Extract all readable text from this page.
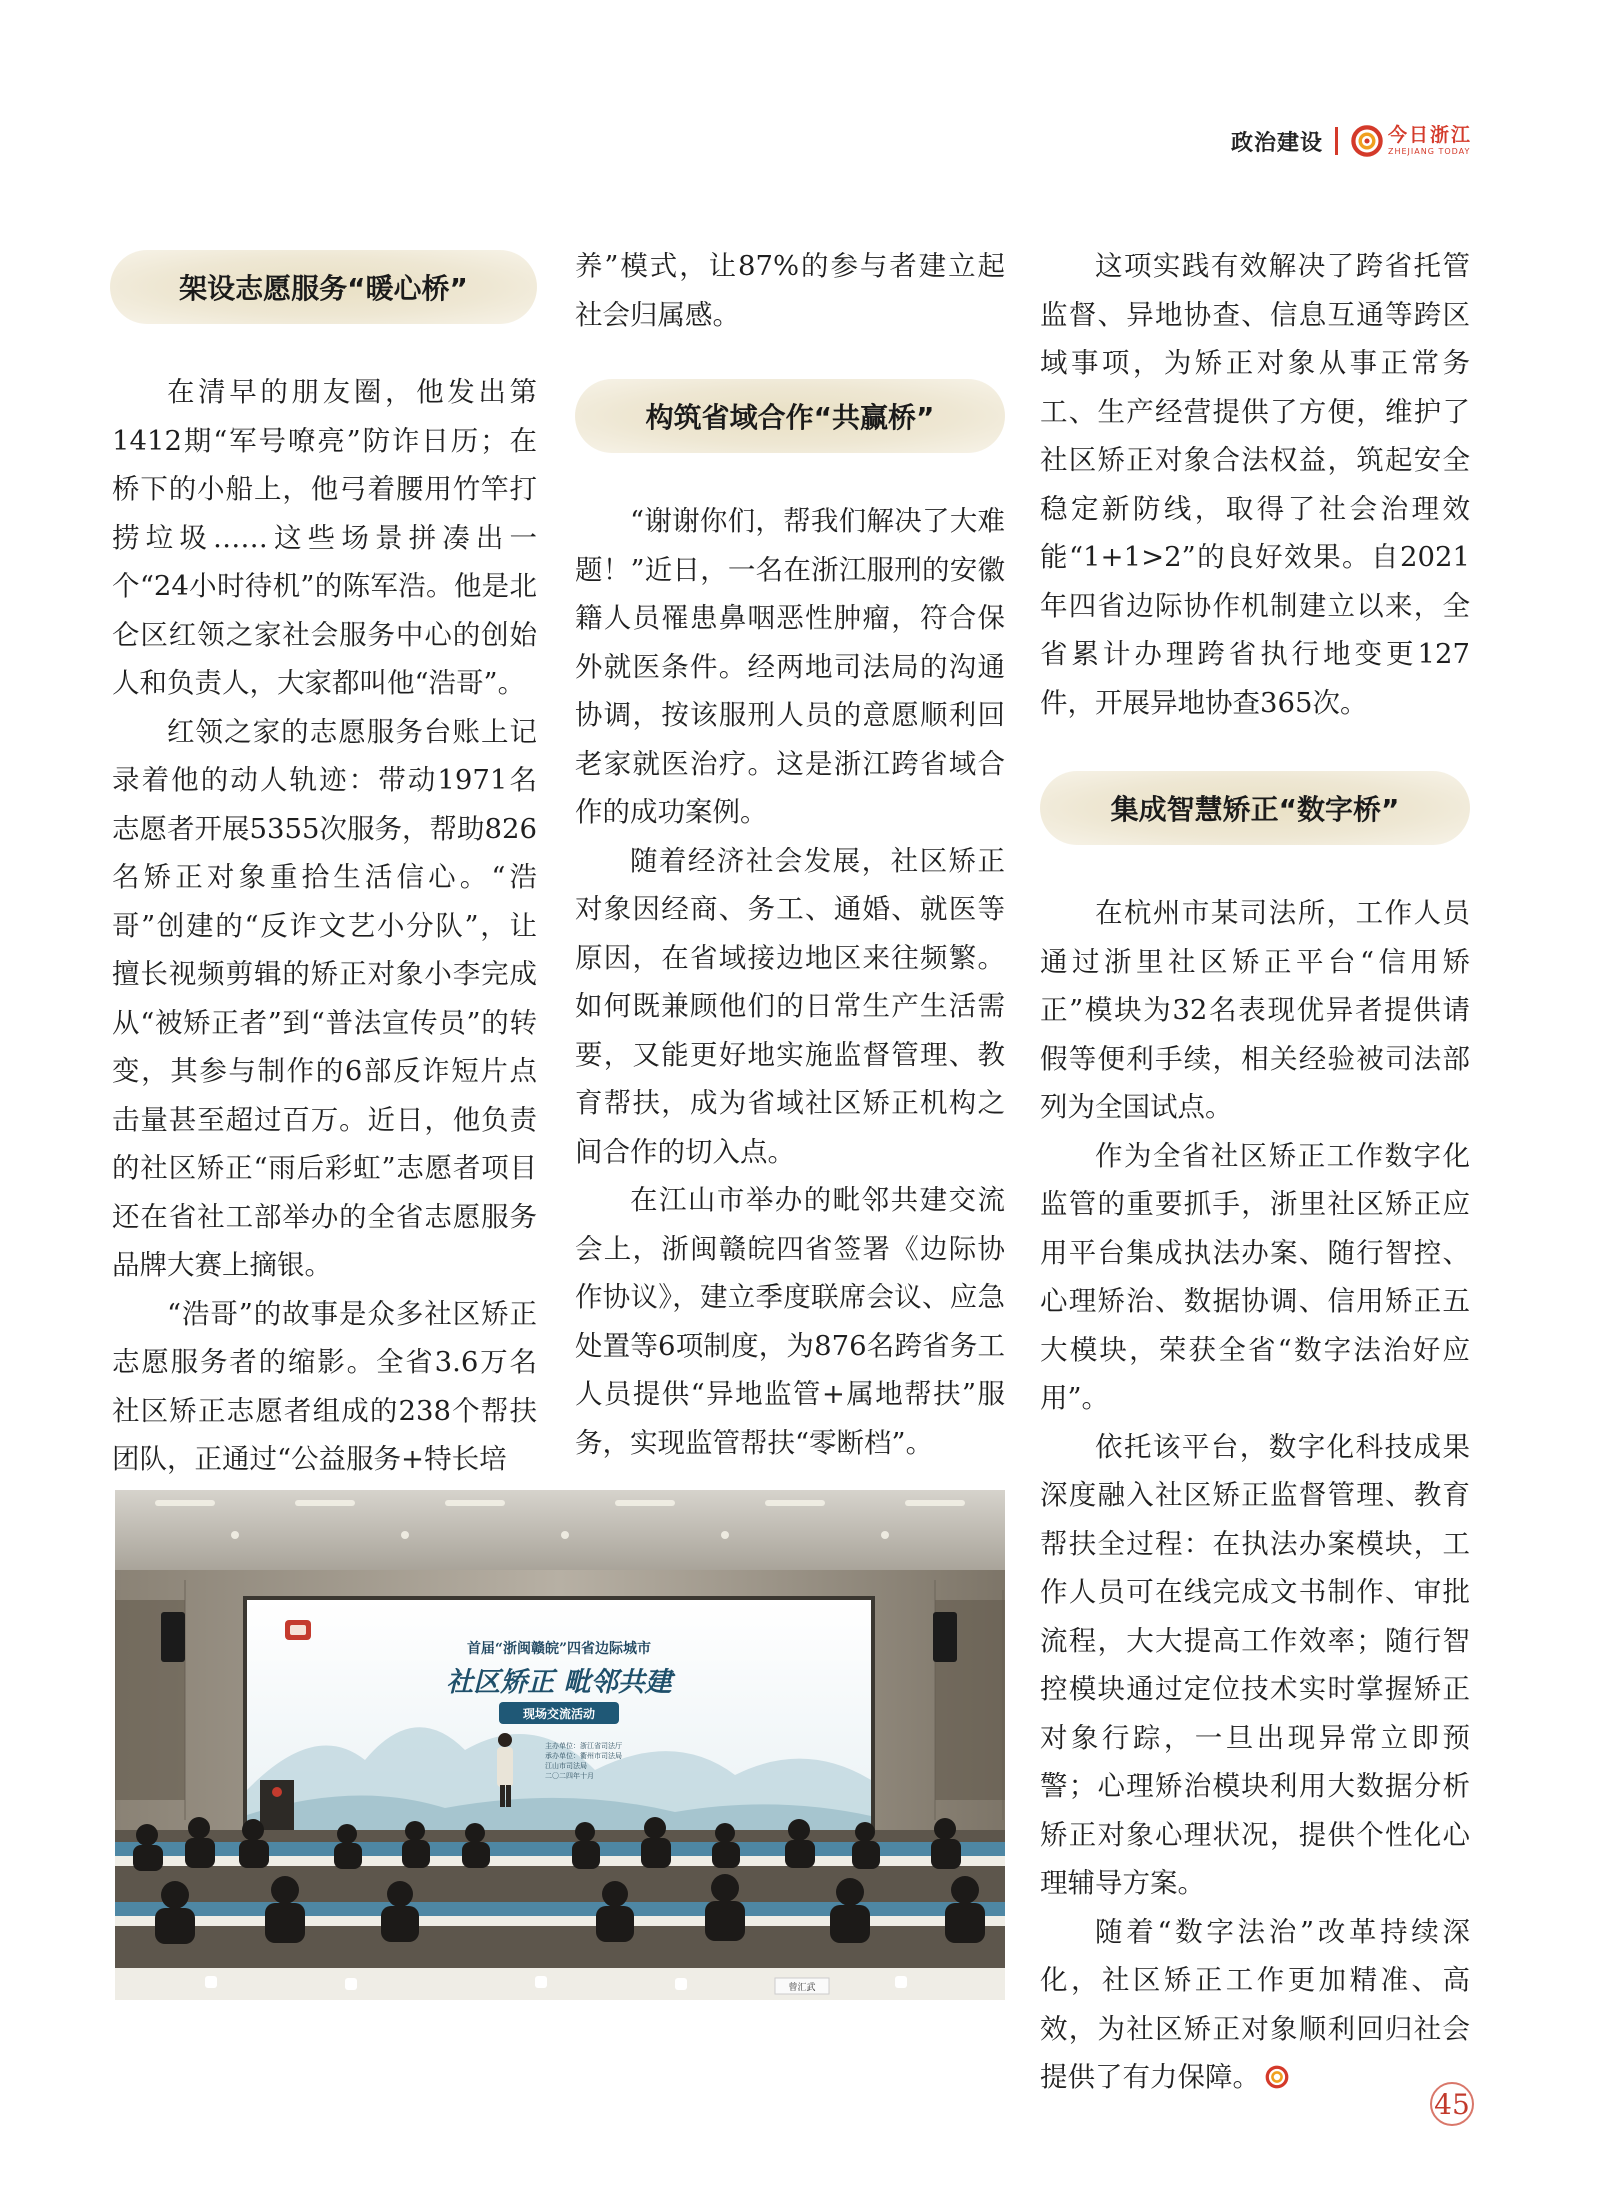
政治建设	今日浙江
ZHEJIANG TODAY
架设志愿服务“暖心桥”

在清早的朋友圈，他发出第1412期“军号嘹亮”防诈日历；在桥下的小船上，他弓着腰用竹竿打捞垃圾……这些场景拼凑出一个“24小时待机”的陈军浩。他是北仑区红领之家社会服务中心的创始人和负责人，大家都叫他“浩哥”。

红领之家的志愿服务台账上记录着他的动人轨迹：带动1971名志愿者开展5355次服务，帮助826名矫正对象重拾生活信心。“浩哥”创建的“反诈文艺小分队”，让擅长视频剪辑的矫正对象小李完成从“被矫正者”到“普法宣传员”的转变，其参与制作的6部反诈短片点击量甚至超过百万。近日，他负责的社区矫正“雨后彩虹”志愿者项目还在省社工部举办的全省志愿服务品牌大赛上摘银。

“浩哥”的故事是众多社区矫正志愿服务者的缩影。全省3.6万名社区矫正志愿者组成的238个帮扶团队，正通过“公益服务+特长培

养”模式，让87%的参与者建立起社会归属感。

构筑省域合作“共赢桥”

“谢谢你们，帮我们解决了大难题！”近日，一名在浙江服刑的安徽籍人员罹患鼻咽恶性肿瘤，符合保外就医条件。经两地司法局的沟通协调，按该服刑人员的意愿顺利回老家就医治疗。这是浙江跨省域合作的成功案例。

随着经济社会发展，社区矫正对象因经商、务工、通婚、就医等原因，在省域接边地区来往频繁。如何既兼顾他们的日常生产生活需要，又能更好地实施监督管理、教育帮扶，成为省域社区矫正机构之间合作的切入点。

在江山市举办的毗邻共建交流会上，浙闽赣皖四省签署《边际协作协议》，建立季度联席会议、应急处置等6项制度，为876名跨省务工人员提供“异地监管+属地帮扶”服务，实现监管帮扶“零断档”。

这项实践有效解决了跨省托管监督、异地协查、信息互通等跨区域事项，为矫正对象从事正常务工、生产经营提供了方便，维护了社区矫正对象合法权益，筑起安全稳定新防线，取得了社会治理效能“1+1>2”的良好效果。自2021年四省边际协作机制建立以来，全省累计办理跨省执行地变更127件，开展异地协查365次。

集成智慧矫正“数字桥”

在杭州市某司法所，工作人员通过浙里社区矫正平台“信用矫正”模块为32名表现优异者提供请假等便利手续，相关经验被司法部列为全国试点。

作为全省社区矫正工作数字化监管的重要抓手，浙里社区矫正应用平台集成执法办案、随行智控、心理矫治、数据协调、信用矫正五大模块，荣获全省“数字法治好应用”。

依托该平台，数字化科技成果深度融入社区矫正监督管理、教育帮扶全过程：在执法办案模块，工作人员可在线完成文书制作、审批流程，大大提高工作效率；随行智控模块通过定位技术实时掌握矫正对象行踪，一旦出现异常立即预警；心理矫治模块利用大数据分析矫正对象心理状况，提供个性化心理辅导方案。

随着“数字法治”改革持续深化，社区矫正工作更加精准、高效，为社区矫正对象顺利回归社会提供了有力保障。

首届“浙闽赣皖”四省边际城市
社区矫正 毗邻共建
现场交流活动
主办单位：浙江省司法厅
承办单位：衢州市司法局
江山市司法局
二〇二四年十月
曾汇武
45
